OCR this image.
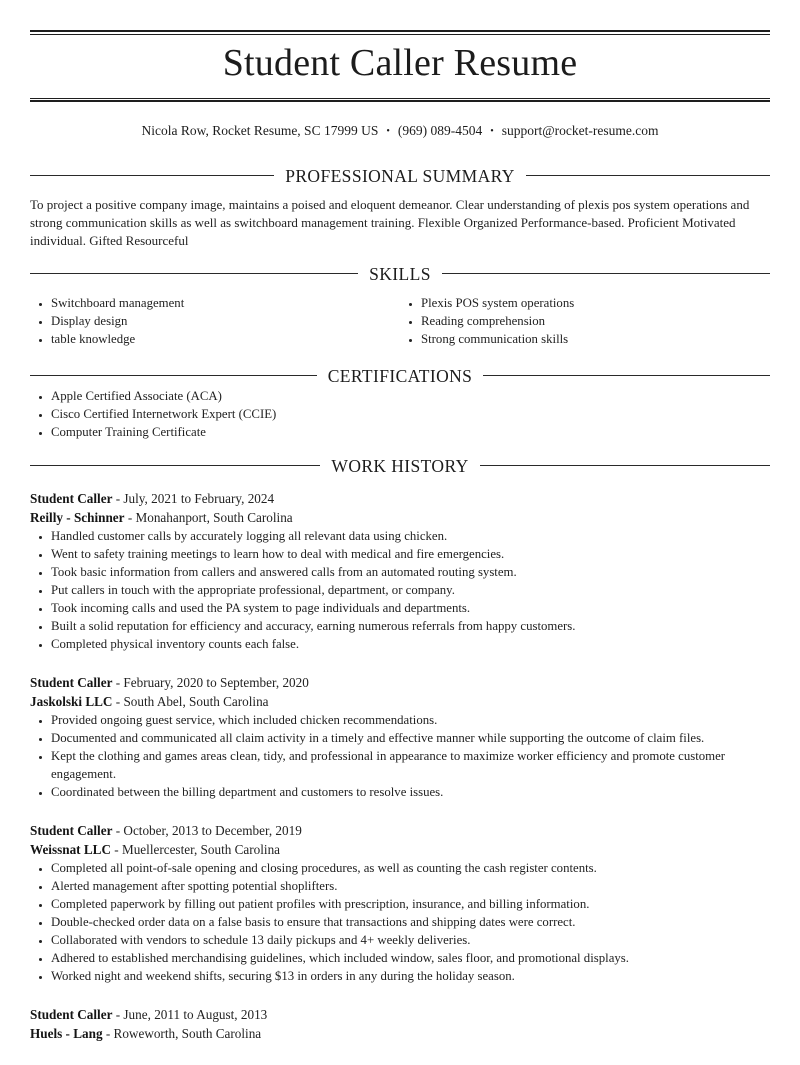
Student Caller Resume
Nicola Row, Rocket Resume, SC 17999 US • (969) 089-4504 • support@rocket-resume.com
PROFESSIONAL SUMMARY
To project a positive company image, maintains a poised and eloquent demeanor. Clear understanding of plexis pos system operations and strong communication skills as well as switchboard management training. Flexible Organized Performance-based. Proficient Motivated individual. Gifted Resourceful
SKILLS
• Switchboard management
• Display design
• table knowledge
• Plexis POS system operations
• Reading comprehension
• Strong communication skills
CERTIFICATIONS
• Apple Certified Associate (ACA)
• Cisco Certified Internetwork Expert (CCIE)
• Computer Training Certificate
WORK HISTORY
Student Caller - July, 2021 to February, 2024
Reilly - Schinner - Monahanport, South Carolina
• Handled customer calls by accurately logging all relevant data using chicken.
• Went to safety training meetings to learn how to deal with medical and fire emergencies.
• Took basic information from callers and answered calls from an automated routing system.
• Put callers in touch with the appropriate professional, department, or company.
• Took incoming calls and used the PA system to page individuals and departments.
• Built a solid reputation for efficiency and accuracy, earning numerous referrals from happy customers.
• Completed physical inventory counts each false.
Student Caller - February, 2020 to September, 2020
Jaskolski LLC - South Abel, South Carolina
• Provided ongoing guest service, which included chicken recommendations.
• Documented and communicated all claim activity in a timely and effective manner while supporting the outcome of claim files.
• Kept the clothing and games areas clean, tidy, and professional in appearance to maximize worker efficiency and promote customer engagement.
• Coordinated between the billing department and customers to resolve issues.
Student Caller - October, 2013 to December, 2019
Weissnat LLC - Muellercester, South Carolina
• Completed all point-of-sale opening and closing procedures, as well as counting the cash register contents.
• Alerted management after spotting potential shoplifters.
• Completed paperwork by filling out patient profiles with prescription, insurance, and billing information.
• Double-checked order data on a false basis to ensure that transactions and shipping dates were correct.
• Collaborated with vendors to schedule 13 daily pickups and 4+ weekly deliveries.
• Adhered to established merchandising guidelines, which included window, sales floor, and promotional displays.
• Worked night and weekend shifts, securing $13 in orders in any during the holiday season.
Student Caller - June, 2011 to August, 2013
Huels - Lang - Roweworth, South Carolina
